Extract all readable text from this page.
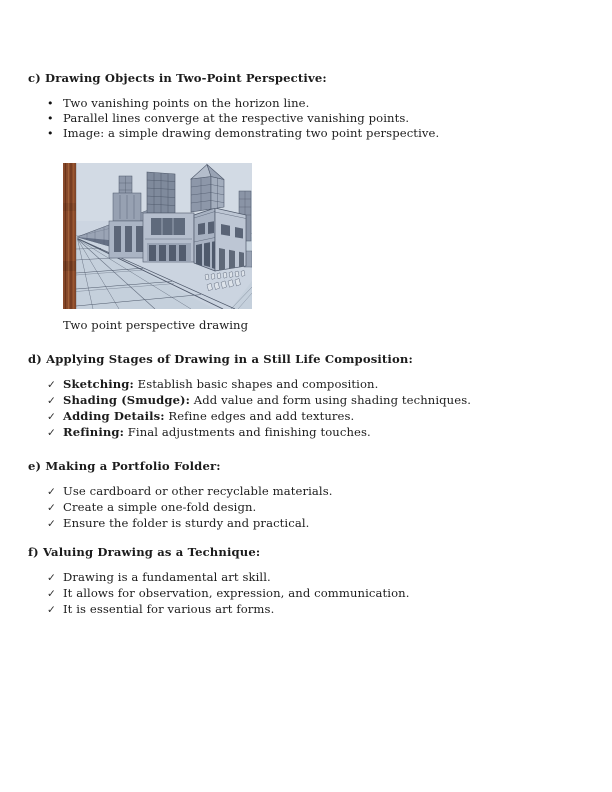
c) Drawing Objects in Two-Point Perspective:
• Two vanishing points on the horizon line.
• Parallel lines converge at the respective vanishing points.
• Image: a simple drawing demonstrating two point perspective.
Two point perspective drawing
d) Applying Stages of Drawing in a Still Life Composition:
✓ Sketching: Establish basic shapes and composition.
✓ Shading (Smudge): Add value and form using shading techniques.
✓ Adding Details: Refine edges and add textures.
✓ Refining: Final adjustments and finishing touches.
e) Making a Portfolio Folder:
✓ Use cardboard or other recyclable materials.
✓ Create a simple one-fold design.
✓ Ensure the folder is sturdy and practical.
f) Valuing Drawing as a Technique:
✓ Drawing is a fundamental art skill.
✓ It allows for observation, expression, and communication.
✓ It is essential for various art forms.
